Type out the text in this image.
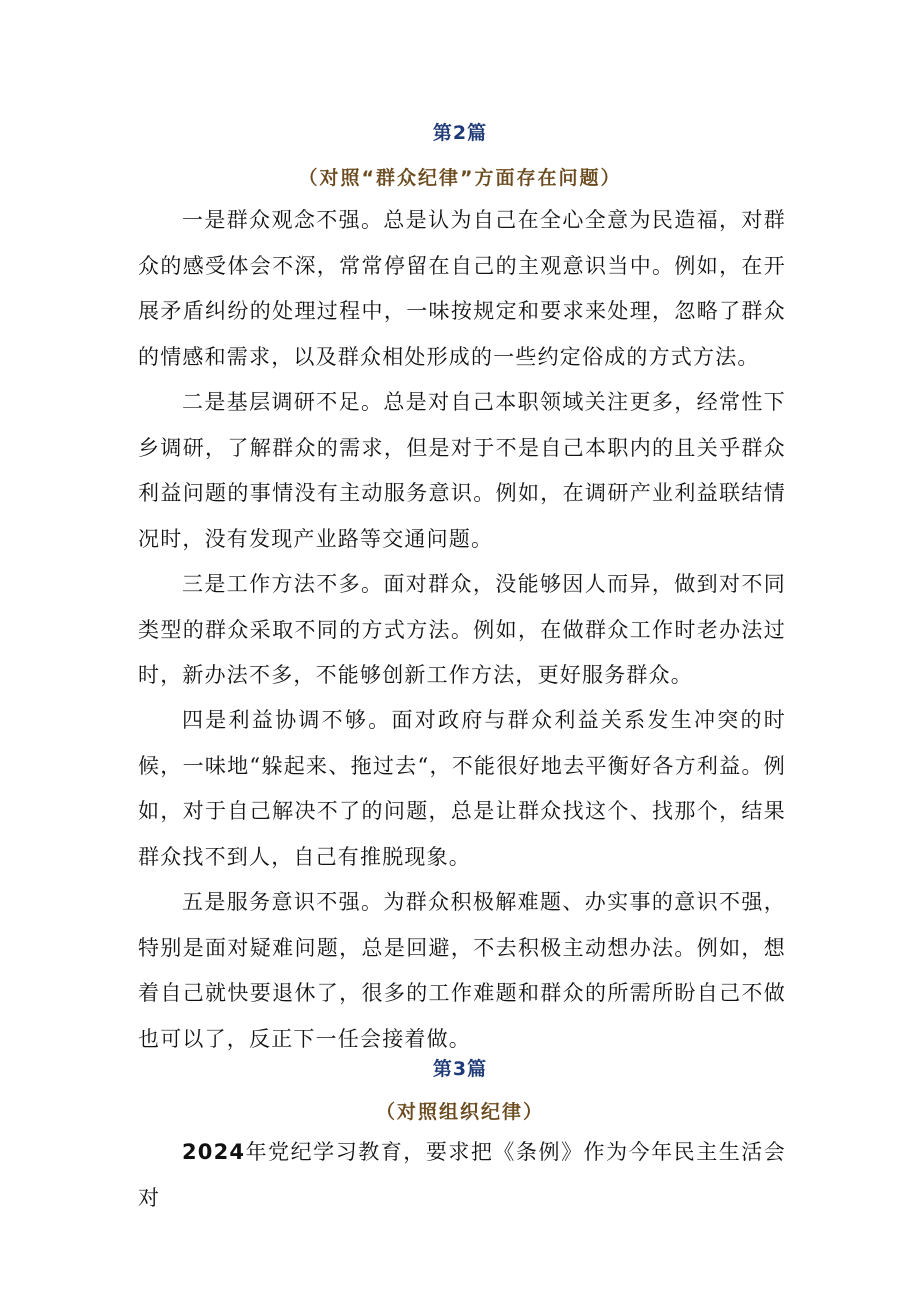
第2篇
（对照“群众纪律”方面存在问题）

一是群众观念不强。总是认为自己在全心全意为民造福，对群众的感受体会不深，常常停留在自己的主观意识当中。例如，在开展矛盾纠纷的处理过程中，一味按规定和要求来处理，忽略了群众的情感和需求，以及群众相处形成的一些约定俗成的方式方法。

二是基层调研不足。总是对自己本职领域关注更多，经常性下乡调研，了解群众的需求，但是对于不是自己本职内的且关乎群众利益问题的事情没有主动服务意识。例如，在调研产业利益联结情况时，没有发现产业路等交通问题。

三是工作方法不多。面对群众，没能够因人而异，做到对不同类型的群众采取不同的方式方法。例如，在做群众工作时老办法过时，新办法不多，不能够创新工作方法，更好服务群众。

四是利益协调不够。面对政府与群众利益关系发生冲突的时候，一味地“躲起来、拖过去“，不能很好地去平衡好各方利益。例如，对于自己解决不了的问题，总是让群众找这个、找那个，结果群众找不到人，自己有推脱现象。

五是服务意识不强。为群众积极解难题、办实事的意识不强，特别是面对疑难问题，总是回避，不去积极主动想办法。例如，想着自己就快要退休了，很多的工作难题和群众的所需所盼自己不做也可以了，反正下一任会接着做。

第3篇
（对照组织纪律）

2024年党纪学习教育，要求把《条例》作为今年民主生活会对
